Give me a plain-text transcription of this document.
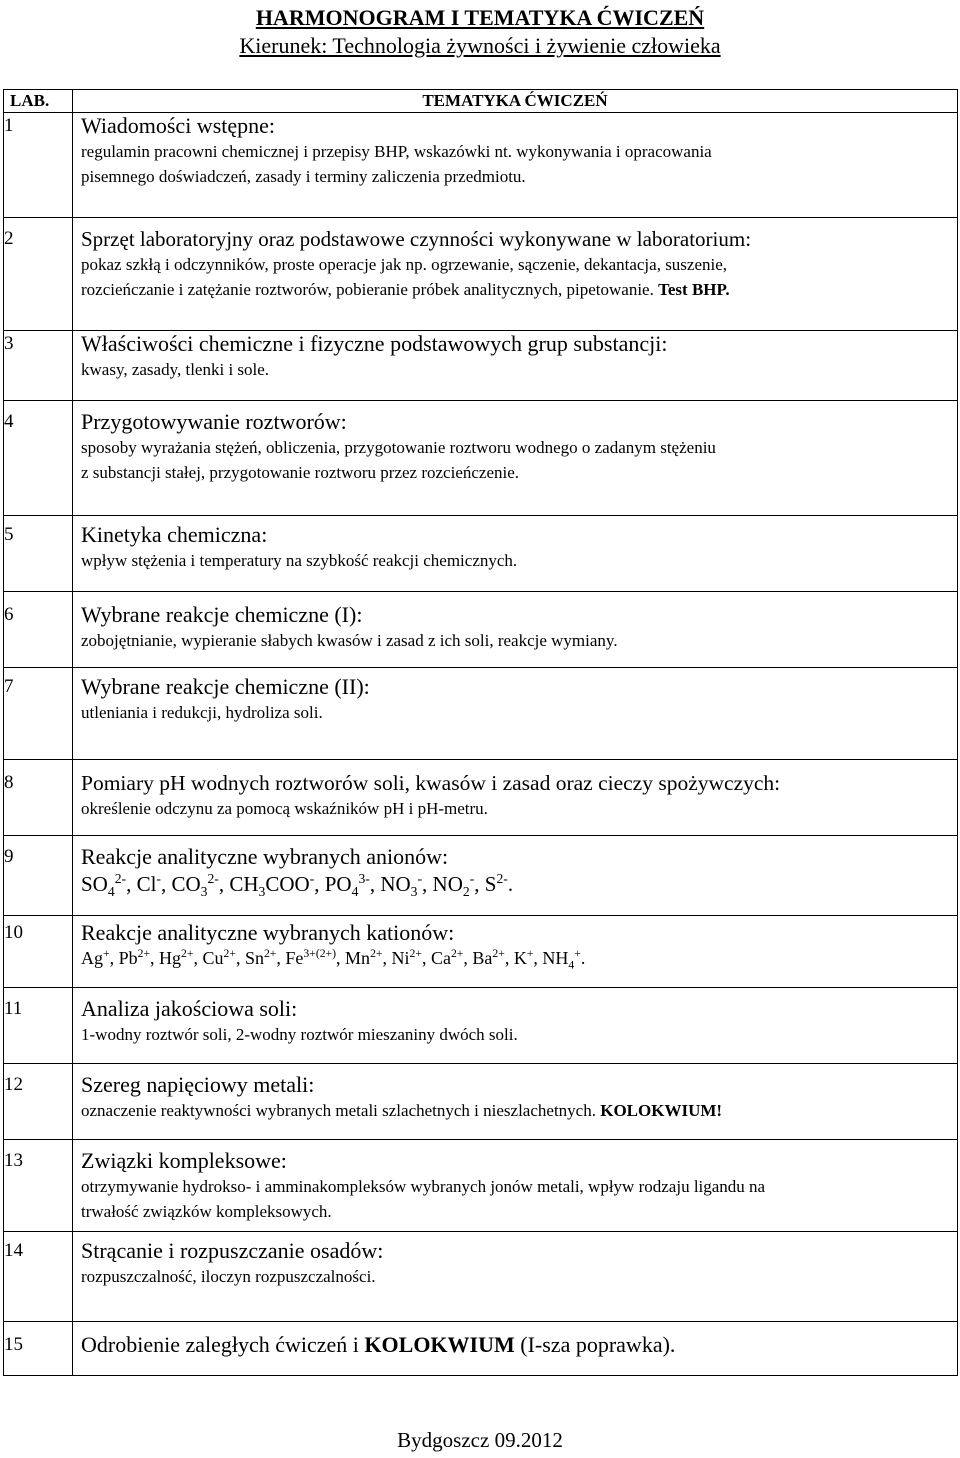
HARMONOGRAM I TEMATYKA ĆWICZEŃ
Kierunek: Technologia żywności i żywienie człowieka
LAB.	TEMATYKA ĆWICZEŃ
1	Wiadomości wstępne:
regulamin pracowni chemicznej i przepisy BHP, wskazówki nt. wykonywania i opracowania
pisemnego doświadczeń, zasady i terminy zaliczenia przedmiotu.

2	Sprzęt laboratoryjny oraz podstawowe czynności wykonywane w laboratorium:
pokaz szkłą i odczynników, proste operacje jak np. ogrzewanie, sączenie, dekantacja, suszenie,
rozcieńczanie i zatężanie roztworów, pobieranie próbek analitycznych, pipetowanie. Test BHP.

3	Właściwości chemiczne i fizyczne podstawowych grup substancji:
kwasy, zasady, tlenki i sole.

4	Przygotowywanie roztworów:
sposoby wyrażania stężeń, obliczenia, przygotowanie roztworu wodnego o zadanym stężeniu
z substancji stałej, przygotowanie roztworu przez rozcieńczenie.

5	Kinetyka chemiczna:
wpływ stężenia i temperatury na szybkość reakcji chemicznych.

6	Wybrane reakcje chemiczne (I):
zobojętnianie, wypieranie słabych kwasów i zasad z ich soli, reakcje wymiany.

7	Wybrane reakcje chemiczne (II):
utleniania i redukcji, hydroliza soli.

8	Pomiary pH wodnych roztworów soli, kwasów i zasad oraz cieczy spożywczych:
określenie odczynu za pomocą wskaźników pH i pH-metru.

9	Reakcje analityczne wybranych anionów:
$SO_4^{2-}$, Cl-, $CO_3^{2-}$, $CH_3COO^-$, $PO_4^{3-}$, $NO_3^-$, $NO_2^-$, $S^{2-}$.

10	Reakcje analityczne wybranych kationów:
Ag+, $Pb^{2+}$, $Hg^{2+}$, $Cu^{2+}$, $Sn^{2+}$, $Fe^{3+(2+)}$, $Mn^{2+}$, $Ni^{2+}$, $Ca^{2+}$, $Ba^{2+}$, K+, $NH_4^+$.

11	Analiza jakościowa soli:
1-wodny roztwór soli, 2-wodny roztwór mieszaniny dwóch soli.

12	Szereg napięciowy metali:
oznaczenie reaktywności wybranych metali szlachetnych i nieszlachetnych. KOLOKWIUM!

13	Związki kompleksowe:
otrzymywanie hydrokso- i amminakompleksów wybranych jonów metali, wpływ rodzaju ligandu na
trwałość związków kompleksowych.

14	Strącanie i rozpuszczanie osadów:
rozpuszczalność, iloczyn rozpuszczalności.

15	Odrobienie zaległych ćwiczeń i KOLOKWIUM (I-sza poprawka).
Bydgoszcz 09.2012
